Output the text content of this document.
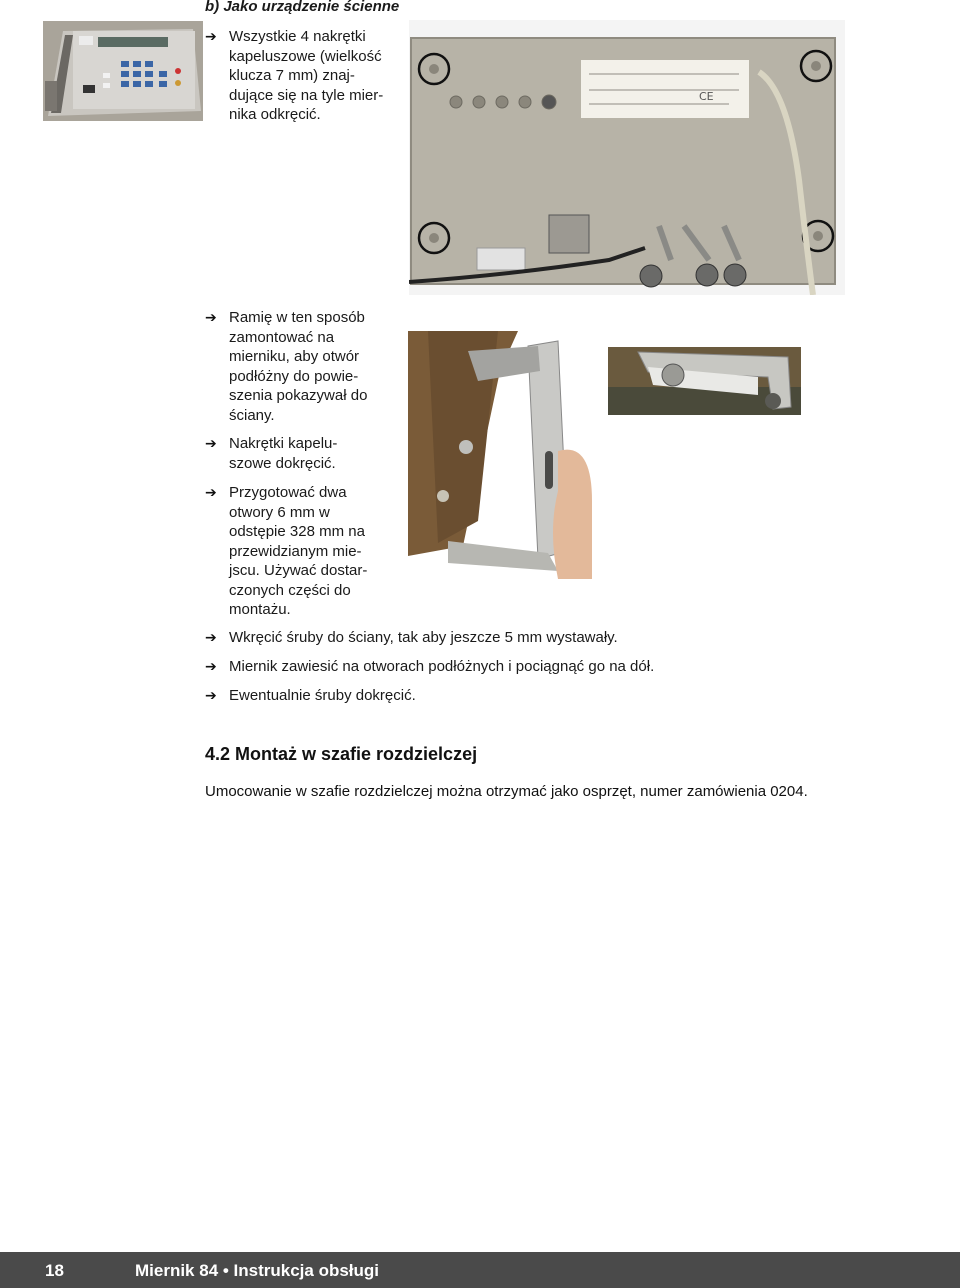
b) Jako urządzenie ścienne
CE
➔ Wszystkie 4 nakrętki
kapeluszowe (wielkość
klucza 7 mm) znaj-
dujące się na tyle mier-
nika odkręcić.
➔ Ramię w ten sposób
zamontować na
mierniku, aby otwór
podłóżny do powie-
szenia pokazywał do
ściany.
➔ Nakrętki kapelu-
szowe dokręcić.
➔ Przygotować dwa
otwory 6 mm w
odstępie 328 mm na
przewidzianym mie-
jscu. Używać dostar-
czonych części do
montażu.
➔ Wkręcić śruby do ściany, tak aby jeszcze 5 mm wystawały.
➔ Miernik zawiesić na otworach podłóżnych i pociągnąć go na dół.
➔ Ewentualnie śruby dokręcić.
4.2 Montaż w szafie rozdzielczej
Umocowanie w szafie rozdzielczej można otrzymać jako osprzęt, numer zamówienia 0204.
18	Miernik 84 • Instrukcja obsługi
